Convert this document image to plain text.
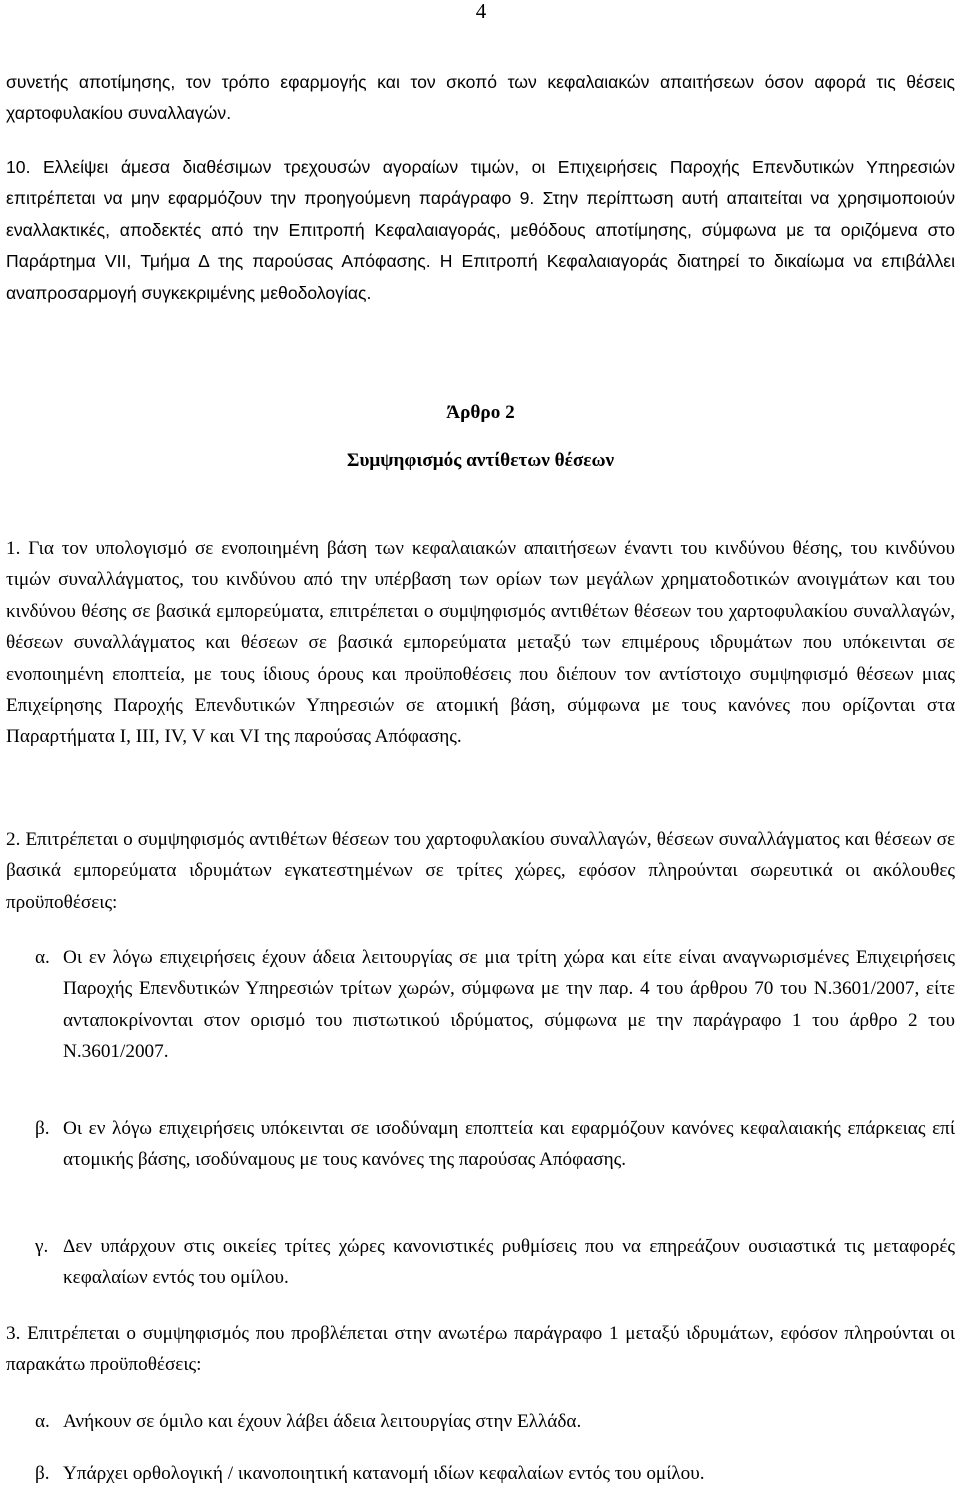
4

συνετής αποτίμησης, τον τρόπο εφαρμογής και τον σκοπό των κεφαλαιακών απαιτήσεων όσον αφορά τις θέσεις χαρτοφυλακίου συναλλαγών.

10. Ελλείψει άμεσα διαθέσιμων τρεχουσών αγοραίων τιμών, οι Επιχειρήσεις Παροχής Επενδυτικών Υπηρεσιών επιτρέπεται να μην εφαρμόζουν την προηγούμενη παράγραφο 9. Στην περίπτωση αυτή απαιτείται να χρησιμοποιούν εναλλακτικές, αποδεκτές από την Επιτροπή Κεφαλαιαγοράς, μεθόδους αποτίμησης, σύμφωνα με τα οριζόμενα στο Παράρτημα VII, Τμήμα Δ της παρούσας Απόφασης. Η Επιτροπή Κεφαλαιαγοράς διατηρεί το δικαίωμα να επιβάλλει αναπροσαρμογή συγκεκριμένης μεθοδολογίας.

Άρθρο 2
Συμψηφισμός αντίθετων θέσεων

1. Για τον υπολογισμό σε ενοποιημένη βάση των κεφαλαιακών απαιτήσεων έναντι του κινδύνου θέσης, του κινδύνου τιμών συναλλάγματος, του κινδύνου από την υπέρβαση των ορίων των μεγάλων χρηματοδοτικών ανοιγμάτων και του κινδύνου θέσης σε βασικά εμπορεύματα, επιτρέπεται ο συμψηφισμός αντιθέτων θέσεων του χαρτοφυλακίου συναλλαγών, θέσεων συναλλάγματος και θέσεων σε βασικά εμπορεύματα μεταξύ των επιμέρους ιδρυμάτων που υπόκεινται σε ενοποιημένη εποπτεία, με τους ίδιους όρους και προϋποθέσεις που διέπουν τον αντίστοιχο συμψηφισμό θέσεων μιας Επιχείρησης Παροχής Επενδυτικών Υπηρεσιών σε ατομική βάση, σύμφωνα με τους κανόνες που ορίζονται στα Παραρτήματα I, III, IV, V και VI της παρούσας Απόφασης.

2. Επιτρέπεται ο συμψηφισμός αντιθέτων θέσεων του χαρτοφυλακίου συναλλαγών, θέσεων συναλλάγματος και θέσεων σε βασικά εμπορεύματα ιδρυμάτων εγκατεστημένων σε τρίτες χώρες, εφόσον πληρούνται σωρευτικά οι ακόλουθες προϋποθέσεις:

α. Οι εν λόγω επιχειρήσεις έχουν άδεια λειτουργίας σε μια τρίτη χώρα και είτε είναι αναγνωρισμένες Επιχειρήσεις Παροχής Επενδυτικών Υπηρεσιών τρίτων χωρών, σύμφωνα με την παρ. 4 του άρθρου 70 του Ν.3601/2007, είτε ανταποκρίνονται στον ορισμό του πιστωτικού ιδρύματος, σύμφωνα με την παράγραφο 1 του άρθρο 2 του Ν.3601/2007.

β. Οι εν λόγω επιχειρήσεις υπόκεινται σε ισοδύναμη εποπτεία και εφαρμόζουν κανόνες κεφαλαιακής επάρκειας επί ατομικής βάσης, ισοδύναμους με τους κανόνες της παρούσας Απόφασης.

γ. Δεν υπάρχουν στις οικείες τρίτες χώρες κανονιστικές ρυθμίσεις που να επηρεάζουν ουσιαστικά τις μεταφορές κεφαλαίων εντός του ομίλου.

3. Επιτρέπεται ο συμψηφισμός που προβλέπεται στην ανωτέρω παράγραφο 1 μεταξύ ιδρυμάτων, εφόσον πληρούνται οι παρακάτω προϋποθέσεις:

α. Ανήκουν σε όμιλο και έχουν λάβει άδεια λειτουργίας στην Ελλάδα.

β. Υπάρχει ορθολογική / ικανοποιητική κατανομή ιδίων κεφαλαίων εντός του ομίλου.
